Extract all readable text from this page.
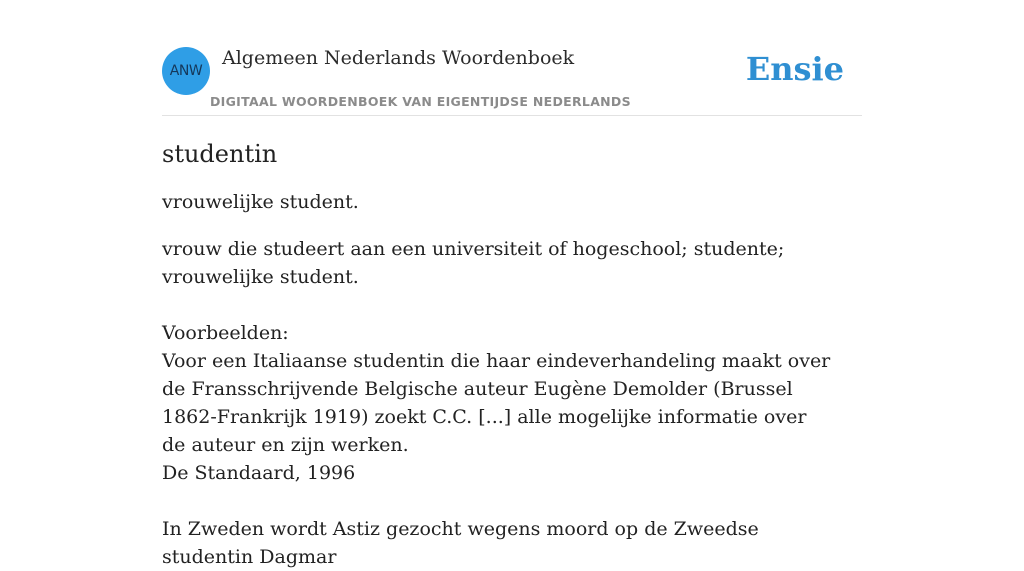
ANW
Algemeen Nederlands Woordenboek
DIGITAAL WOORDENBOEK VAN EIGENTIJDSE NEDERLANDS
Ensie
studentin

vrouwelijke student.

vrouw die studeert aan een universiteit of hogeschool; studente; vrouwelijke student.

Voorbeelden:

Voor een Italiaanse studentin die haar eindeverhandeling maakt over de Fransschrijvende Belgische auteur Eugène Demolder (Brussel 1862-Frankrijk 1919) zoekt C.C. [...] alle mogelijke informatie over de auteur en zijn werken.

De Standaard, 1996

In Zweden wordt Astiz gezocht wegens moord op de Zweedse studentin Dagmar
